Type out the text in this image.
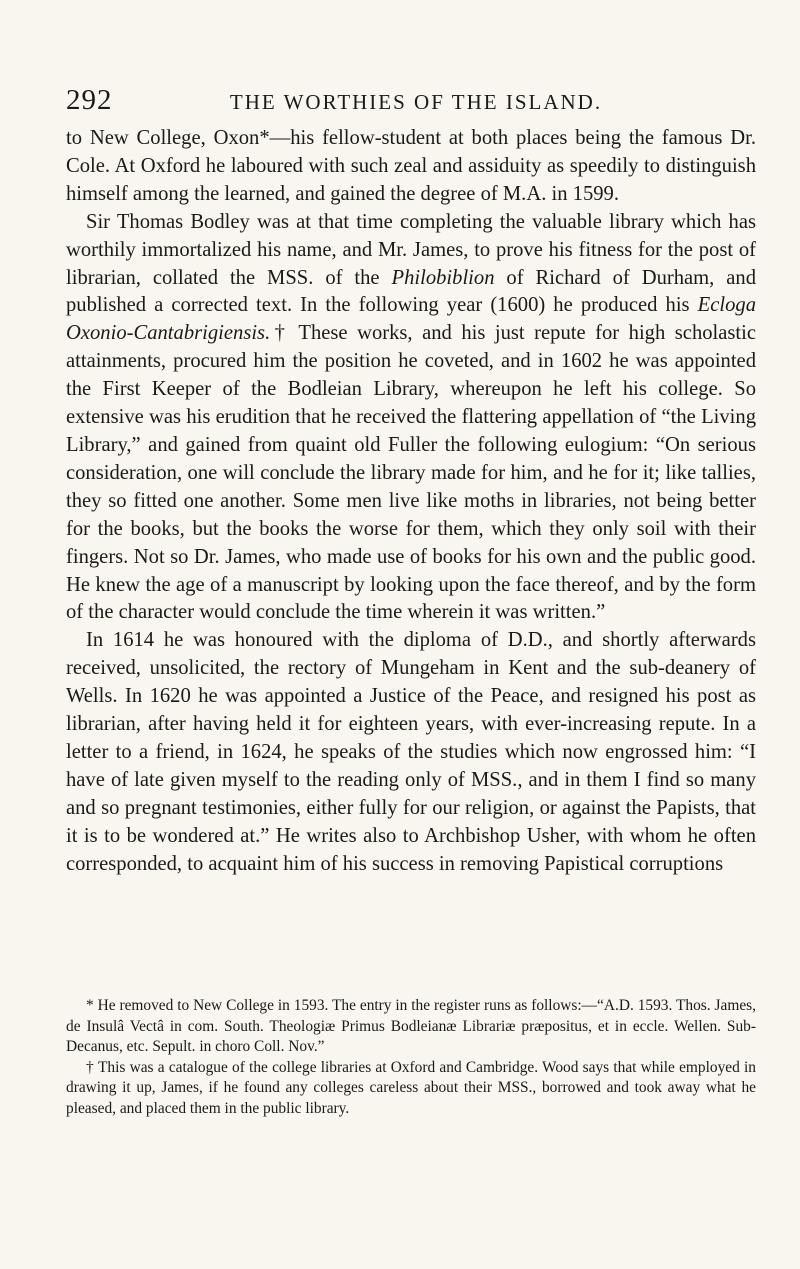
292	THE WORTHIES OF THE ISLAND.

to New College, Oxon*—his fellow-student at both places being the famous Dr. Cole. At Oxford he laboured with such zeal and assiduity as speedily to distinguish himself among the learned, and gained the degree of M.A. in 1599.

Sir Thomas Bodley was at that time completing the valuable library which has worthily immortalized his name, and Mr. James, to prove his fitness for the post of librarian, collated the MSS. of the Philobiblion of Richard of Durham, and published a corrected text. In the following year (1600) he produced his Ecloga Oxonio-Cantabrigiensis.† These works, and his just repute for high scholastic attainments, procured him the position he coveted, and in 1602 he was appointed the First Keeper of the Bodleian Library, whereupon he left his college. So extensive was his erudition that he received the flattering appellation of “the Living Library,” and gained from quaint old Fuller the following eulogium: “On serious consideration, one will conclude the library made for him, and he for it; like tallies, they so fitted one another. Some men live like moths in libraries, not being better for the books, but the books the worse for them, which they only soil with their fingers. Not so Dr. James, who made use of books for his own and the public good. He knew the age of a manuscript by looking upon the face thereof, and by the form of the character would conclude the time wherein it was written.”

In 1614 he was honoured with the diploma of D.D., and shortly afterwards received, unsolicited, the rectory of Mungeham in Kent and the sub-deanery of Wells. In 1620 he was appointed a Justice of the Peace, and resigned his post as librarian, after having held it for eighteen years, with ever-increasing repute. In a letter to a friend, in 1624, he speaks of the studies which now engrossed him: “I have of late given myself to the reading only of MSS., and in them I find so many and so pregnant testimonies, either fully for our religion, or against the Papists, that it is to be wondered at.” He writes also to Archbishop Usher, with whom he often corresponded, to acquaint him of his success in removing Papistical corruptions

* He removed to New College in 1593. The entry in the register runs as follows:—“A.D. 1593. Thos. James, de Insulâ Vectâ in com. South. Theologiæ Primus Bodleianæ Librariæ præpositus, et in eccle. Wellen. Sub-Decanus, etc. Sepult. in choro Coll. Nov.”

† This was a catalogue of the college libraries at Oxford and Cambridge. Wood says that while employed in drawing it up, James, if he found any colleges careless about their MSS., borrowed and took away what he pleased, and placed them in the public library.
